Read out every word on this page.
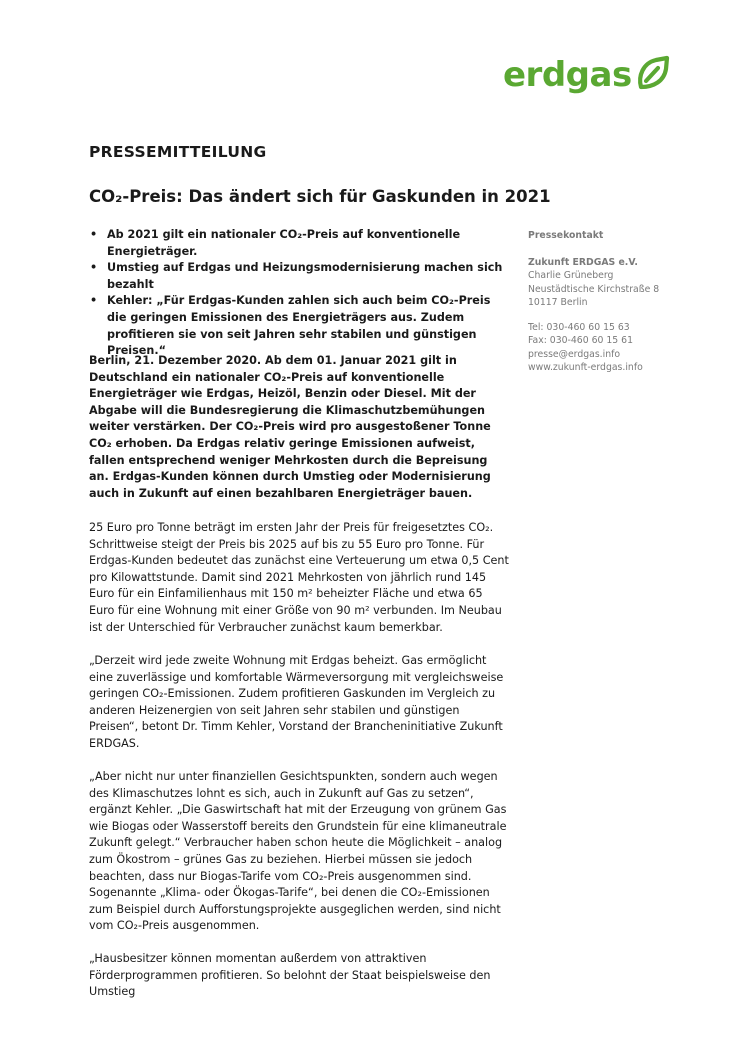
erdgas
PRESSEMITTEILUNG
CO₂-Preis: Das ändert sich für Gaskunden in 2021
• Ab 2021 gilt ein nationaler CO₂-Preis auf konventionelle Energieträger.
• Umstieg auf Erdgas und Heizungsmodernisierung machen sich bezahlt
• Kehler: „Für Erdgas-Kunden zahlen sich auch beim CO₂-Preis die geringen Emissionen des Energieträgers aus. Zudem profitieren sie von seit Jahren sehr stabilen und günstigen Preisen.“

Berlin, 21. Dezember 2020. Ab dem 01. Januar 2021 gilt in Deutschland ein nationaler CO₂-Preis auf konventionelle Energieträger wie Erdgas, Heizöl, Benzin oder Diesel. Mit der Abgabe will die Bundesregierung die Klimaschutzbemühungen weiter verstärken. Der CO₂-Preis wird pro ausgestoßener Tonne CO₂ erhoben. Da Erdgas relativ geringe Emissionen aufweist, fallen entsprechend weniger Mehrkosten durch die Bepreisung an. Erdgas-Kunden können durch Umstieg oder Modernisierung auch in Zukunft auf einen bezahlbaren Energieträger bauen.

25 Euro pro Tonne beträgt im ersten Jahr der Preis für freigesetztes CO₂. Schrittweise steigt der Preis bis 2025 auf bis zu 55 Euro pro Tonne. Für Erdgas-Kunden bedeutet das zunächst eine Verteuerung um etwa 0,5 Cent pro Kilowattstunde. Damit sind 2021 Mehrkosten von jährlich rund 145 Euro für ein Einfamilienhaus mit 150 m² beheizter Fläche und etwa 65 Euro für eine Wohnung mit einer Größe von 90 m² verbunden. Im Neubau ist der Unterschied für Verbraucher zunächst kaum bemerkbar.

„Derzeit wird jede zweite Wohnung mit Erdgas beheizt. Gas ermöglicht eine zuverlässige und komfortable Wärmeversorgung mit vergleichsweise geringen CO₂-Emissionen. Zudem profitieren Gaskunden im Vergleich zu anderen Heizenergien von seit Jahren sehr stabilen und günstigen Preisen“, betont Dr. Timm Kehler, Vorstand der Brancheninitiative Zukunft ERDGAS.

„Aber nicht nur unter finanziellen Gesichtspunkten, sondern auch wegen des Klimaschutzes lohnt es sich, auch in Zukunft auf Gas zu setzen“, ergänzt Kehler. „Die Gaswirtschaft hat mit der Erzeugung von grünem Gas wie Biogas oder Wasserstoff bereits den Grundstein für eine klimaneutrale Zukunft gelegt.“ Verbraucher haben schon heute die Möglichkeit – analog zum Ökostrom – grünes Gas zu beziehen. Hierbei müssen sie jedoch beachten, dass nur Biogas-Tarife vom CO₂-Preis ausgenommen sind. Sogenannte „Klima- oder Ökogas-Tarife“, bei denen die CO₂-Emissionen zum Beispiel durch Aufforstungsprojekte ausgeglichen werden, sind nicht vom CO₂-Preis ausgenommen.

„Hausbesitzer können momentan außerdem von attraktiven Förderprogrammen profitieren. So belohnt der Staat beispielsweise den Umstieg

Pressekontakt
Zukunft ERDGAS e.V.
Charlie Grüneberg
Neustädtische Kirchstraße 8
10117 Berlin
Tel: 030-460 60 15 63
Fax: 030-460 60 15 61
presse@erdgas.info
www.zukunft-erdgas.info
